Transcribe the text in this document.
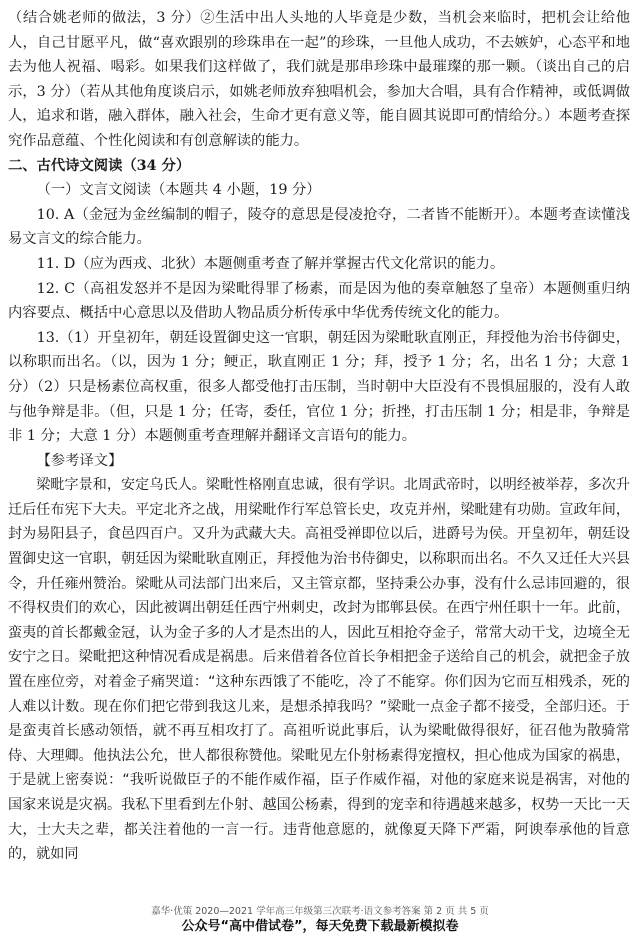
（结合姚老师的做法，3 分）②生活中出人头地的人毕竟是少数，当机会来临时，把机会让给他人，自己甘愿平凡，做“喜欢跟别的珍珠串在一起”的珍珠，一旦他人成功，不去嫉妒，心态平和地去为他人祝福、喝彩。如果我们这样做了，我们就是那串珍珠中最璀璨的那一颗。（谈出自己的启示，3 分）（若从其他角度谈启示，如姚老师放弃独唱机会，参加大合唱，具有合作精神，或低调做人，追求和谐，融入群体，融入社会，生命才更有意义等，能自圆其说即可酌情给分。）本题考查探究作品意蕴、个性化阅读和有创意解读的能力。

二、古代诗文阅读（34 分）

（一）文言文阅读（本题共 4 小题，19 分）

10. A（金冠为金丝编制的帽子，陵夺的意思是侵凌抢夺，二者皆不能断开）。本题考查读懂浅易文言文的综合能力。

11. D（应为西戎、北狄）本题侧重考查了解并掌握古代文化常识的能力。

12. C（高祖发怒并不是因为梁毗得罪了杨素，而是因为他的奏章触怒了皇帝）本题侧重归纳内容要点、概括中心意思以及借助人物品质分析传承中华优秀传统文化的能力。

13.（1）开皇初年，朝廷设置御史这一官职，朝廷因为梁毗耿直刚正，拜授他为治书侍御史，以称职而出名。（以，因为 1 分；鲠正，耿直刚正 1 分；拜，授予 1 分；名，出名 1 分；大意 1 分）（2）只是杨素位高权重，很多人都受他打击压制，当时朝中大臣没有不畏惧屈服的，没有人敢与他争辩是非。（但，只是 1 分；任寄，委任，官位 1 分；折挫，打击压制 1 分；相是非，争辩是非 1 分；大意 1 分）本题侧重考查理解并翻译文言语句的能力。

【参考译文】

梁毗字景和，安定乌氏人。梁毗性格刚直忠诚，很有学识。北周武帝时，以明经被举荐，多次升迁后任布宪下大夫。平定北齐之战，用梁毗作行军总管长史，攻克并州，梁毗建有功勋。宣政年间，封为易阳县子，食邑四百户。又升为武藏大夫。高祖受禅即位以后，进爵号为侯。开皇初年，朝廷设置御史这一官职，朝廷因为梁毗耿直刚正，拜授他为治书侍御史，以称职而出名。不久又迁任大兴县令，升任雍州赞治。梁毗从司法部门出来后，又主管京都，坚持秉公办事，没有什么忌讳回避的，很不得权贵们的欢心，因此被调出朝廷任西宁州刺史，改封为邯郸县侯。在西宁州任职十一年。此前，蛮夷的首长都戴金冠，认为金子多的人才是杰出的人，因此互相抢夺金子，常常大动干戈，边境全无安宁之日。梁毗把这种情况看成是祸患。后来借着各位首长争相把金子送给自己的机会，就把金子放置在座位旁，对着金子痛哭道：“这种东西饿了不能吃，冷了不能穿。你们因为它而互相残杀，死的人难以计数。现在你们把它带到我这儿来，是想杀掉我吗？”梁毗一点金子都不接受，全部归还。于是蛮夷首长感动领悟，就不再互相攻打了。高祖听说此事后，认为梁毗做得很好，征召他为散骑常侍、大理卿。他执法公允，世人都很称赞他。梁毗见左仆射杨素得宠擅权，担心他成为国家的祸患，于是就上密奏说：“我听说做臣子的不能作威作福，臣子作威作福，对他的家庭来说是祸害，对他的国家来说是灾祸。我私下里看到左仆射、越国公杨素，得到的宠幸和待遇越来越多，权势一天比一天大，士大夫之辈，都关注着他的一言一行。违背他意愿的，就像夏天降下严霜，阿谀奉承他的旨意的，就如同

嘉华·优策 2020—2021 学年高三年级第三次联考·语文参考答案 第 2 页 共 5 页
公众号“高中借试卷”，每天免费下载最新模拟卷
